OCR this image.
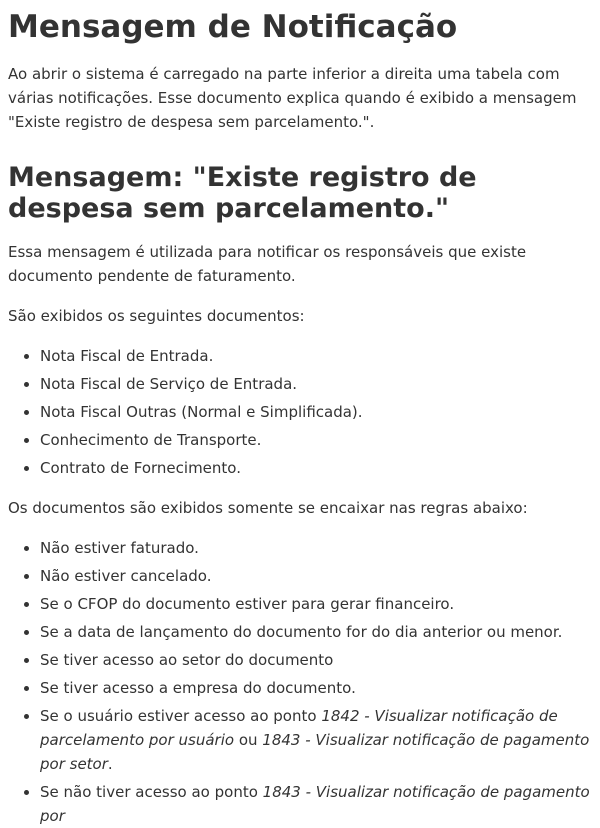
Mensagem de Notificação

Ao abrir o sistema é carregado na parte inferior a direita uma tabela com várias notificações. Esse documento explica quando é exibido a mensagem "Existe registro de despesa sem parcelamento.".

Mensagem: "Existe registro de despesa sem parcelamento."

Essa mensagem é utilizada para notificar os responsáveis que existe documento pendente de faturamento.

São exibidos os seguintes documentos:

• Nota Fiscal de Entrada.
• Nota Fiscal de Serviço de Entrada.
• Nota Fiscal Outras (Normal e Simplificada).
• Conhecimento de Transporte.
• Contrato de Fornecimento.

Os documentos são exibidos somente se encaixar nas regras abaixo:

• Não estiver faturado.
• Não estiver cancelado.
• Se o CFOP do documento estiver para gerar financeiro.
• Se a data de lançamento do documento for do dia anterior ou menor.
• Se tiver acesso ao setor do documento
• Se tiver acesso a empresa do documento.
• Se o usuário estiver acesso ao ponto 1842 - Visualizar notificação de parcelamento por usuário ou 1843 - Visualizar notificação de pagamento por setor.
• Se não tiver acesso ao ponto 1843 - Visualizar notificação de pagamento por
